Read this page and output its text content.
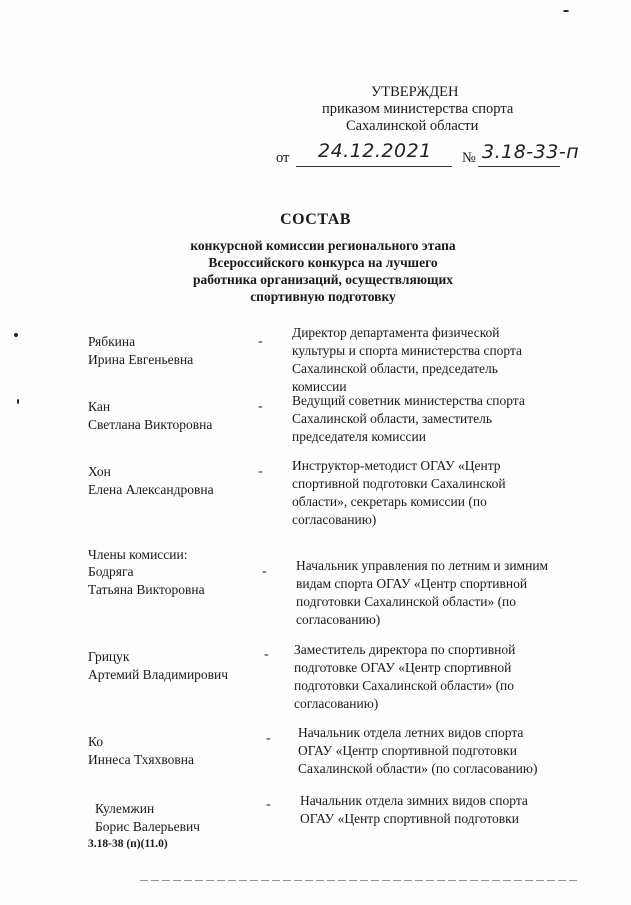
УТВЕРЖДЕН
приказом министерства спорта
Сахалинской области
от 24.12.2021 № 3.18-33-п
СОСТАВ
конкурсной комиссии регионального этапа
Всероссийского конкурса на лучшего
работника организаций, осуществляющих
спортивную подготовку
Рябкина
Ирина Евгеньевна
-
Директор департамента физической культуры и спорта министерства спорта Сахалинской области, председатель комиссии
Кан
Светлана Викторовна
- Ведущий советник министерства спорта Сахалинской области, заместитель председателя комиссии
Хон
Елена Александровна
- Инструктор-методист ОГАУ «Центр спортивной подготовки Сахалинской области», секретарь комиссии (по согласованию)
Члены комиссии:
Бодряга
Татьяна Викторовна
- Начальник управления по летним и зимним видам спорта ОГАУ «Центр спортивной подготовки Сахалинской области» (по согласованию)
Грицук
Артемий Владимирович
- Заместитель директора по спортивной подготовке ОГАУ «Центр спортивной подготовки Сахалинской области» (по согласованию)
Ко
Иннеса Тхяхвовна
- Начальник отдела летних видов спорта ОГАУ «Центр спортивной подготовки Сахалинской области» (по согласованию)
Кулемжин
Борис Валерьевич
- Начальник отдела зимних видов спорта ОГАУ «Центр спортивной подготовки
3.18-38 (п)(11.0)
